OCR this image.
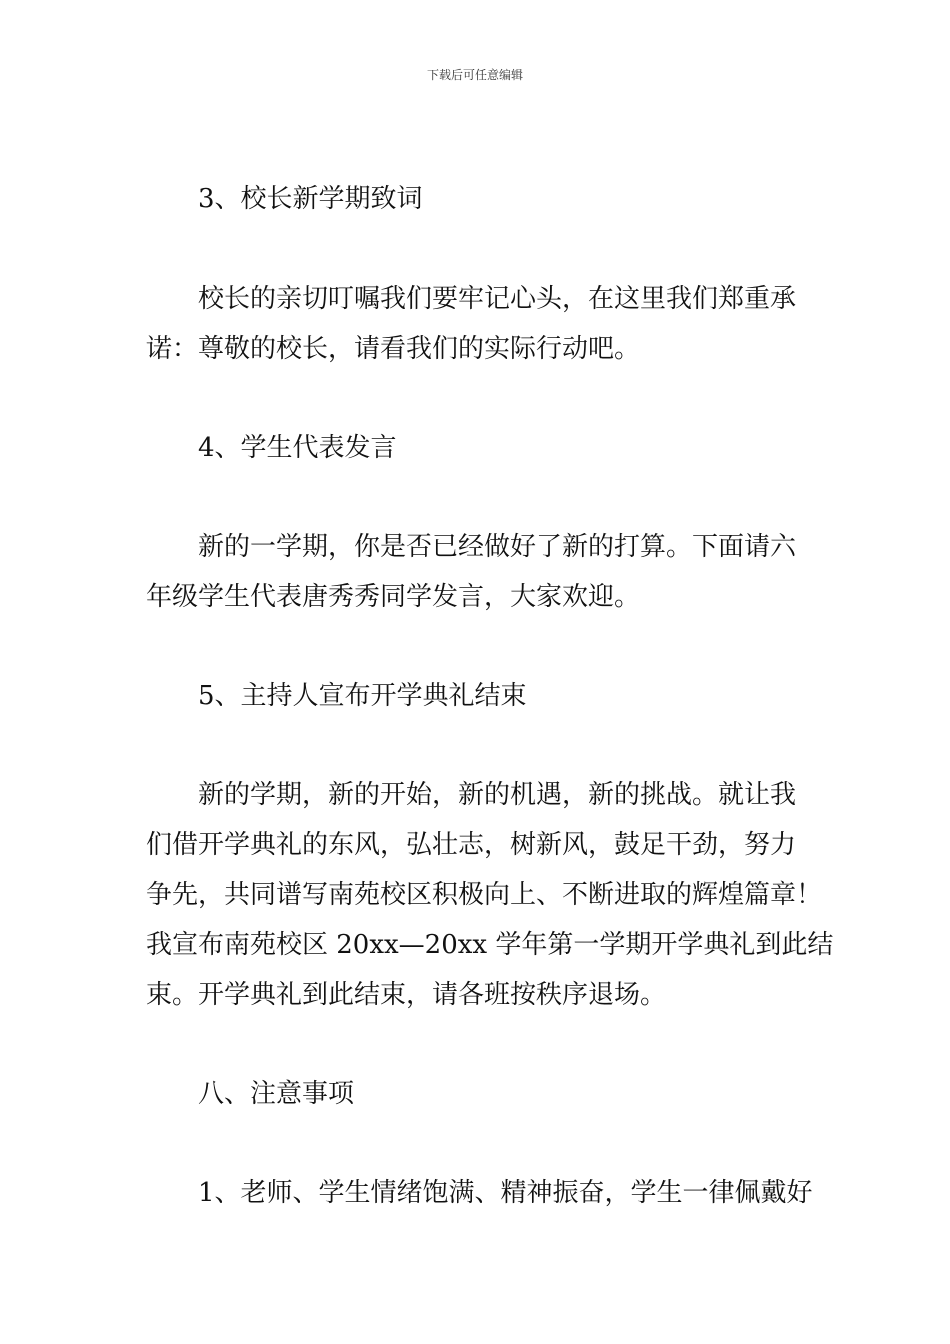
下载后可任意编辑
3、校长新学期致词
校长的亲切叮嘱我们要牢记心头，在这里我们郑重承
诺：尊敬的校长，请看我们的实际行动吧。
4、学生代表发言
新的一学期，你是否已经做好了新的打算。下面请六
年级学生代表唐秀秀同学发言，大家欢迎。
5、主持人宣布开学典礼结束
新的学期，新的开始，新的机遇，新的挑战。就让我
们借开学典礼的东风，弘壮志，树新风，鼓足干劲，努力
争先，共同谱写南苑校区积极向上、不断进取的辉煌篇章！
我宣布南苑校区 20xx—20xx 学年第一学期开学典礼到此结
束。开学典礼到此结束，请各班按秩序退场。
八、注意事项
1、老师、学生情绪饱满、精神振奋，学生一律佩戴好
